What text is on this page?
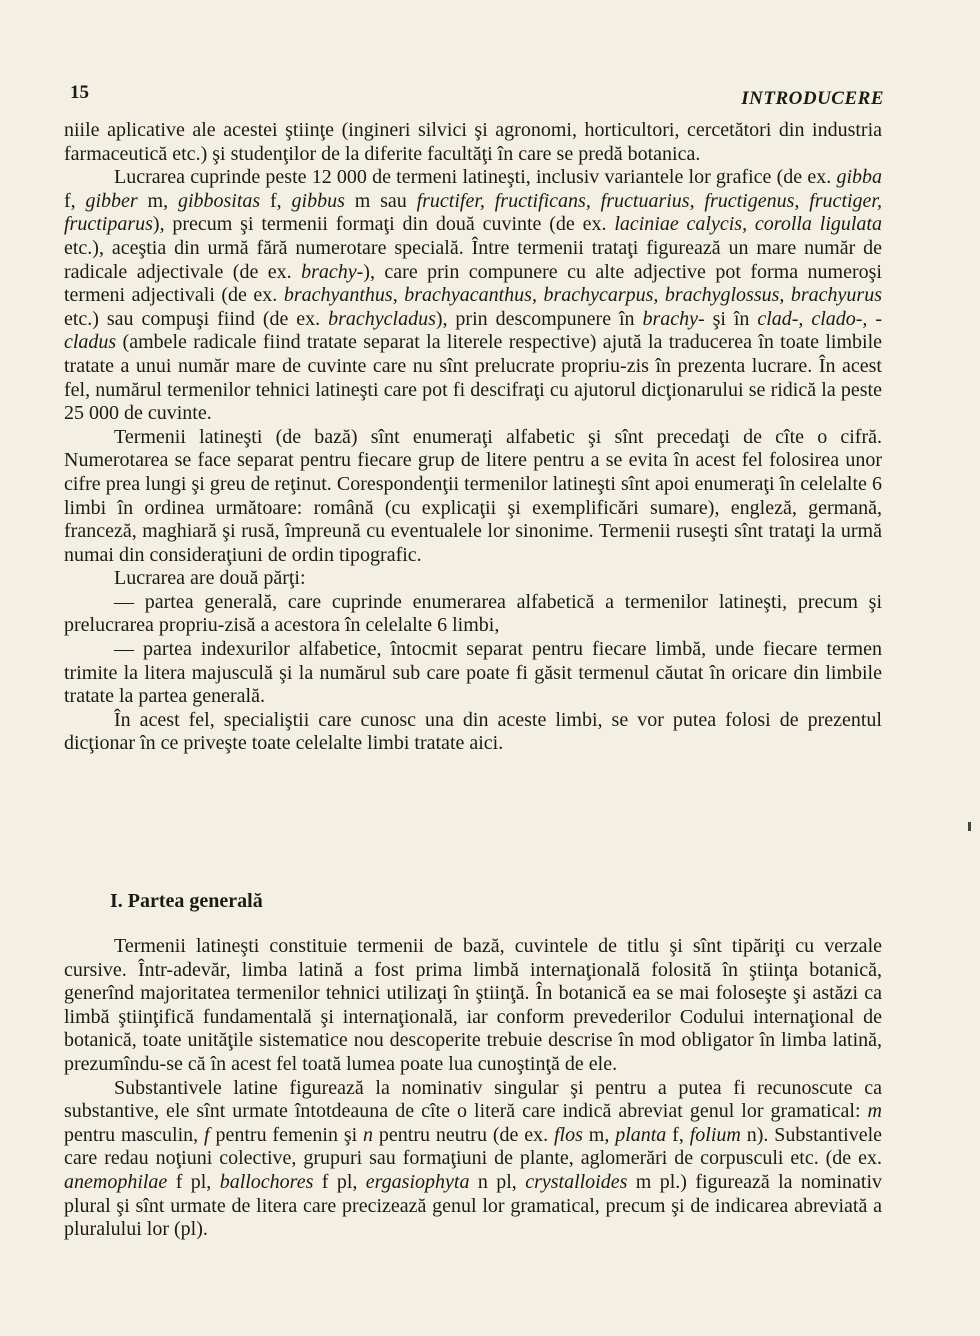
15	INTRODUCERE

niile aplicative ale acestei ştiinţe (ingineri silvici şi agronomi, horticultori, cercetători din industria farmaceutică etc.) şi studenţilor de la diferite facultăţi în care se predă botanica.

Lucrarea cuprinde peste 12 000 de termeni latineşti, inclusiv variantele lor grafice (de ex. gibba f, gibber m, gibbositas f, gibbus m sau fructifer, fructificans, fructuarius, fructigenus, fructiger, fructiparus), precum şi termenii formaţi din două cuvinte (de ex. laciniae calycis, corolla ligulata etc.), aceştia din urmă fără numerotare specială. Între termenii trataţi figurează un mare număr de radicale adjectivale (de ex. brachy-), care prin compunere cu alte adjective pot forma numeroşi termeni adjectivali (de ex. brachyanthus, brachyacanthus, brachycarpus, brachyglossus, brachyurus etc.) sau compuşi fiind (de ex. brachycladus), prin descompunere în brachy- şi în clad-, clado-, -cladus (ambele radicale fiind tratate separat la literele respective) ajută la traducerea în toate limbile tratate a unui număr mare de cuvinte care nu sînt prelucrate propriu-zis în prezenta lucrare. În acest fel, numărul termenilor tehnici latineşti care pot fi descifraţi cu ajutorul dicţionarului se ridică la peste 25 000 de cuvinte.

Termenii latineşti (de bază) sînt enumeraţi alfabetic şi sînt precedaţi de cîte o cifră. Numerotarea se face separat pentru fiecare grup de litere pentru a se evita în acest fel folosirea unor cifre prea lungi şi greu de reţinut. Corespondenţii termenilor latineşti sînt apoi enumeraţi în celelalte 6 limbi în ordinea următoare: română (cu explicaţii şi exemplificări sumare), engleză, germană, franceză, maghiară şi rusă, împreună cu eventualele lor sinonime. Termenii ruseşti sînt trataţi la urmă numai din consideraţiuni de ordin tipografic.

Lucrarea are două părţi:

— partea generală, care cuprinde enumerarea alfabetică a termenilor latineşti, precum şi prelucrarea propriu-zisă a acestora în celelalte 6 limbi,

— partea indexurilor alfabetice, întocmit separat pentru fiecare limbă, unde fiecare termen trimite la litera majusculă şi la numărul sub care poate fi găsit termenul căutat în oricare din limbile tratate la partea generală.

În acest fel, specialiştii care cunosc una din aceste limbi, se vor putea folosi de prezentul dicţionar în ce priveşte toate celelalte limbi tratate aici.

I. Partea generală

Termenii latineşti constituie termenii de bază, cuvintele de titlu şi sînt tipăriţi cu verzale cursive. Într-adevăr, limba latină a fost prima limbă internaţională folosită în ştiinţa botanică, generînd majoritatea termenilor tehnici utilizaţi în ştiinţă. În botanică ea se mai foloseşte şi astăzi ca limbă ştiinţifică fundamentală şi internaţională, iar conform prevederilor Codului internaţional de botanică, toate unităţile sistematice nou descoperite trebuie descrise în mod obligator în limba latină, prezumîndu-se că în acest fel toată lumea poate lua cunoştinţă de ele.

Substantivele latine figurează la nominativ singular şi pentru a putea fi recunoscute ca substantive, ele sînt urmate întotdeauna de cîte o literă care indică abreviat genul lor gramatical: m pentru masculin, f pentru femenin şi n pentru neutru (de ex. flos m, planta f, folium n). Substantivele care redau noţiuni colective, grupuri sau formaţiuni de plante, aglomerări de corpusculi etc. (de ex. anemophilae f pl, ballochores f pl, ergasiophyta n pl, crystalloides m pl.) figurează la nominativ plural şi sînt urmate de litera care precizează genul lor gramatical, precum şi de indicarea abreviată a pluralului lor (pl).
